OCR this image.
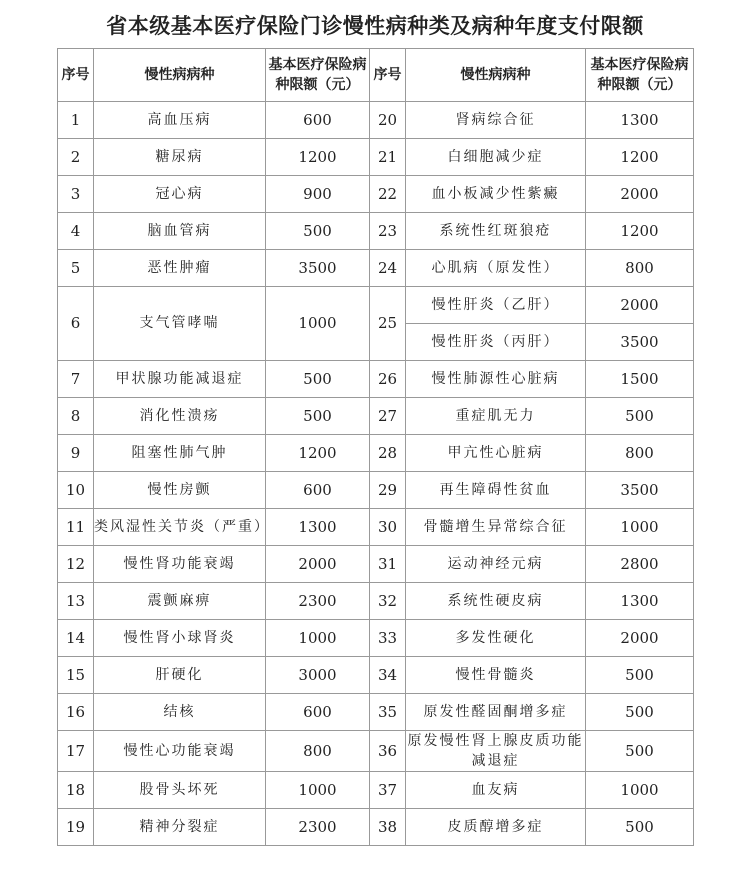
省本级基本医疗保险门诊慢性病种类及病种年度支付限额
序号	慢性病病种	基本医疗保险病种限额（元）	序号	慢性病病种	基本医疗保险病种限额（元）
1	高血压病	600	20	肾病综合征	1300
2	糖尿病	1200	21	白细胞减少症	1200
3	冠心病	900	22	血小板减少性紫癜	2000
4	脑血管病	500	23	系统性红斑狼疮	1200
5	恶性肿瘤	3500	24	心肌病（原发性）	800
6	支气管哮喘	1000	25	慢性肝炎（乙肝）	2000
				慢性肝炎（丙肝）	3500
7	甲状腺功能减退症	500	26	慢性肺源性心脏病	1500
8	消化性溃疡	500	27	重症肌无力	500
9	阻塞性肺气肿	1200	28	甲亢性心脏病	800
10	慢性房颤	600	29	再生障碍性贫血	3500
11	类风湿性关节炎（严重）	1300	30	骨髓增生异常综合征	1000
12	慢性肾功能衰竭	2000	31	运动神经元病	2800
13	震颤麻痹	2300	32	系统性硬皮病	1300
14	慢性肾小球肾炎	1000	33	多发性硬化	2000
15	肝硬化	3000	34	慢性骨髓炎	500
16	结核	600	35	原发性醛固酮增多症	500
17	慢性心功能衰竭	800	36	原发慢性肾上腺皮质功能减退症	500
18	股骨头坏死	1000	37	血友病	1000
19	精神分裂症	2300	38	皮质醇增多症	500
